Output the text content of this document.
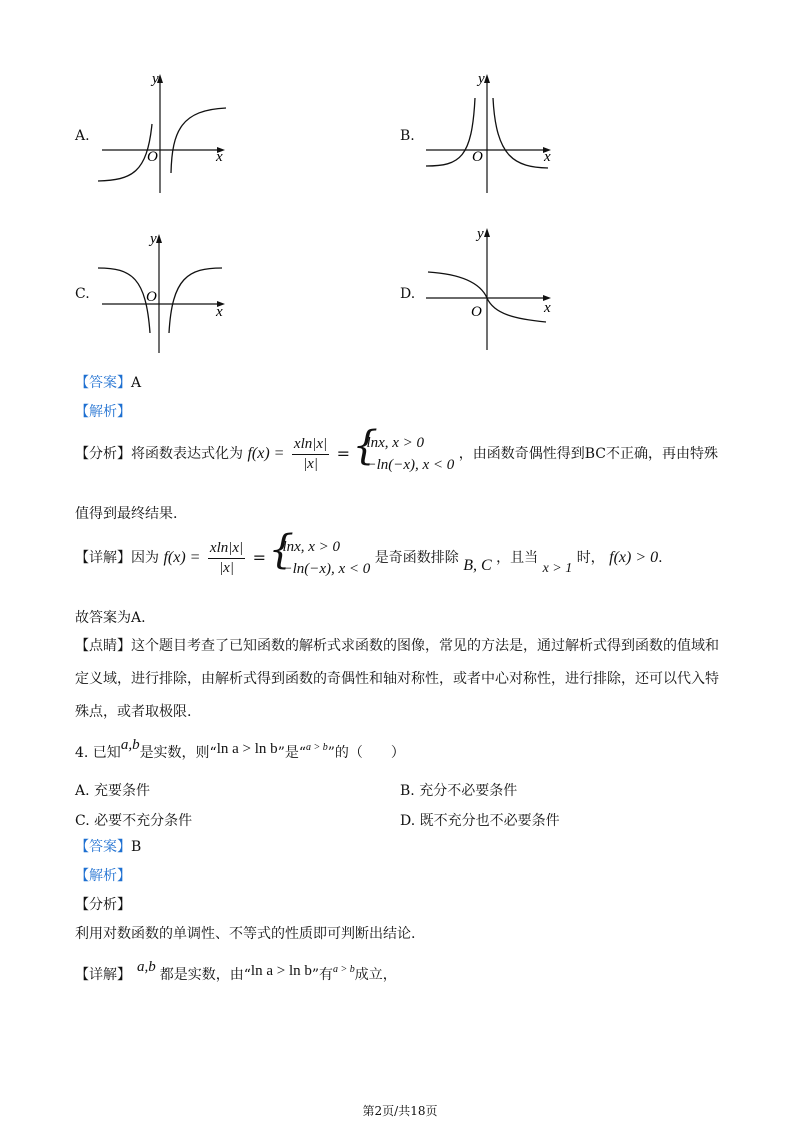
A.	B.
C.	D.
y
x
O
y
x
O
y
x
O
y
x
O
【答案】A
【解析】
【分析】将函数表达式化为 $f(x) = \frac{xln|x|}{|x|}$ = {
lnx, x > 0
−ln(−x), x < 0
，由函数奇偶性得到BC不正确，再由特殊
值得到最终结果.
【详解】因为 $f(x) = \frac{xln|x|}{|x|}$ = {
lnx, x > 0
−ln(−x), x < 0
是奇函数排除 B, C ，且当 x > 1 时， f(x) > 0.
故答案为A.
【点睛】这个题目考查了已知函数的解析式求函数的图像，常见的方法是，通过解析式得到函数的值域和
定义域，进行排除，由解析式得到函数的奇偶性和轴对称性，或者中心对称性，进行排除，还可以代入特
殊点，或者取极限.
4. 已知a,b是实数，则“ln a > ln b”是“$^{a > b}$”的（　　）
A. 充要条件	B. 充分不必要条件
C. 必要不充分条件	D. 既不充分也不必要条件
【答案】B
【解析】
【分析】
利用对数函数的单调性、不等式的性质即可判断出结论.
【详解】 a,b 都是实数，由“ln a > ln b”有$^{a > b}$成立，
第2页/共18页
